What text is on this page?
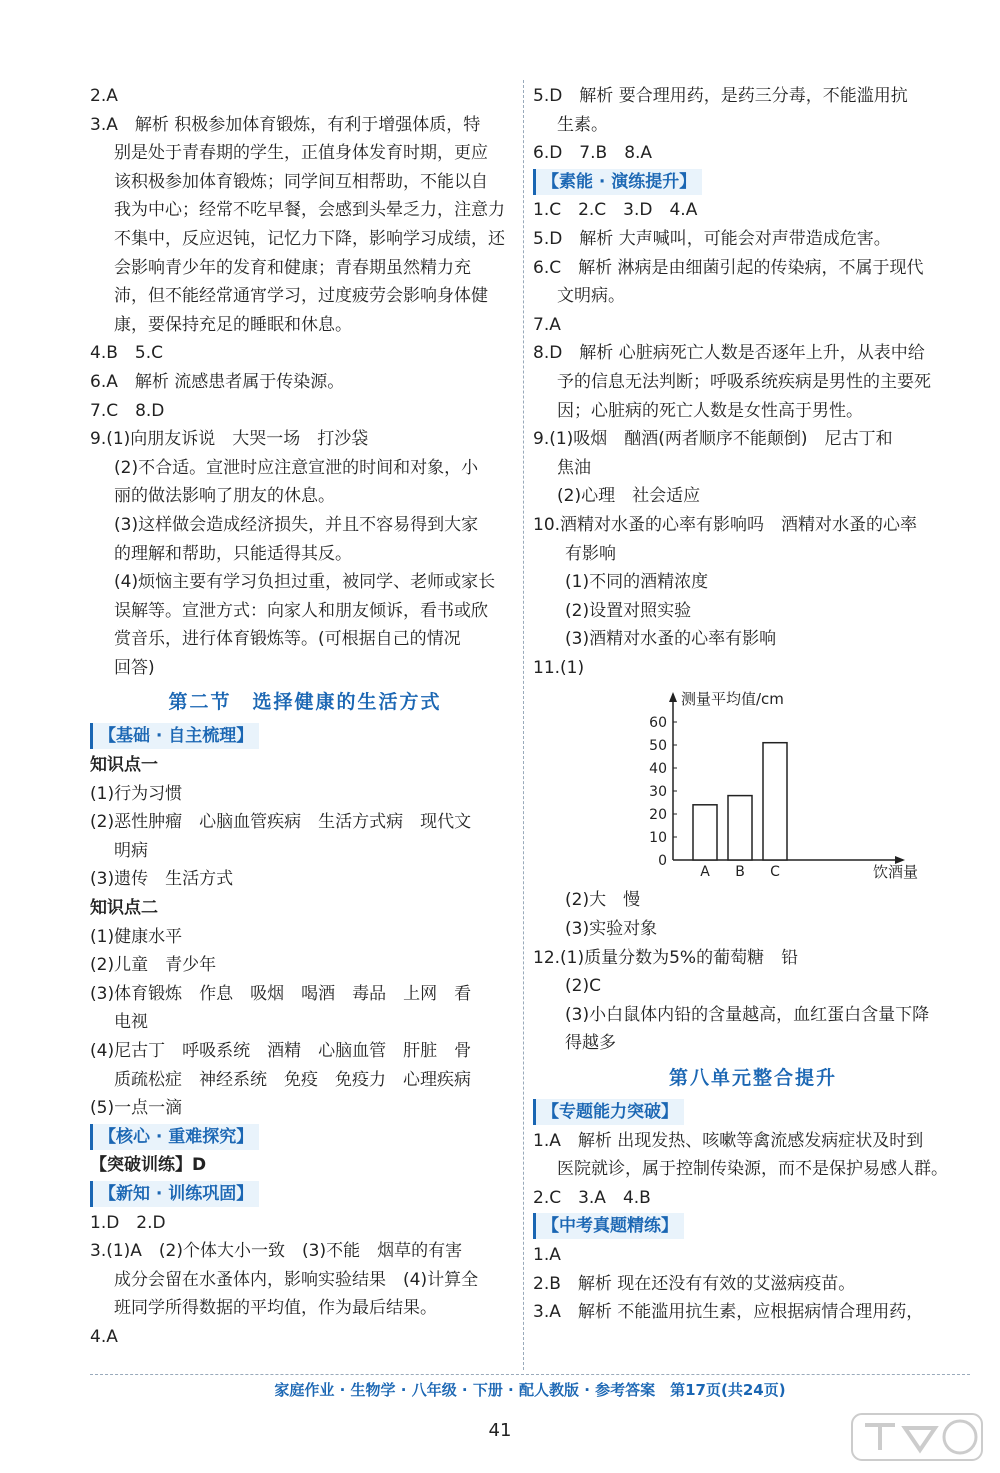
2.A
3.A　解析 积极参加体育锻炼，有利于增强体质，特
别是处于青春期的学生，正值身体发育时期，更应
该积极参加体育锻炼；同学间互相帮助，不能以自
我为中心；经常不吃早餐，会感到头晕乏力，注意力
不集中，反应迟钝，记忆力下降，影响学习成绩，还
会影响青少年的发育和健康；青春期虽然精力充
沛，但不能经常通宵学习，过度疲劳会影响身体健
康，要保持充足的睡眠和休息。
4.B　5.C
6.A　解析 流感患者属于传染源。
7.C　8.D
9.(1)向朋友诉说　大哭一场　打沙袋
(2)不合适。宣泄时应注意宣泄的时间和对象，小
丽的做法影响了朋友的休息。
(3)这样做会造成经济损失，并且不容易得到大家
的理解和帮助，只能适得其反。
(4)烦恼主要有学习负担过重，被同学、老师或家长
误解等。宣泄方式：向家人和朋友倾诉，看书或欣
赏音乐，进行体育锻炼等。(可根据自己的情况
回答)
第二节　选择健康的生活方式
【基础 · 自主梳理】
知识点一
(1)行为习惯
(2)恶性肿瘤　心脑血管疾病　生活方式病　现代文
明病
(3)遗传　生活方式
知识点二
(1)健康水平
(2)儿童　青少年
(3)体育锻炼　作息　吸烟　喝酒　毒品　上网　看
电视
(4)尼古丁　呼吸系统　酒精　心脑血管　肝脏　骨
质疏松症　神经系统　免疫　免疫力　心理疾病
(5)一点一滴
【核心 · 重难探究】
【突破训练】D
【新知 · 训练巩固】
1.D　2.D
3.(1)A　(2)个体大小一致　(3)不能　烟草的有害
成分会留在水蚤体内，影响实验结果　(4)计算全
班同学所得数据的平均值，作为最后结果。
4.A
5.D　解析 要合理用药，是药三分毒，不能滥用抗
生素。
6.D　7.B　8.A
【素能 · 演练提升】
1.C　2.C　3.D　4.A
5.D　解析 大声喊叫，可能会对声带造成危害。
6.C　解析 淋病是由细菌引起的传染病，不属于现代
文明病。
7.A
8.D　解析 心脏病死亡人数是否逐年上升，从表中给
予的信息无法判断；呼吸系统疾病是男性的主要死
因；心脏病的死亡人数是女性高于男性。
9.(1)吸烟　酗酒(两者顺序不能颠倒)　尼古丁和
焦油
(2)心理　社会适应
10.酒精对水蚤的心率有影响吗　酒精对水蚤的心率
有影响
(1)不同的酒精浓度
(2)设置对照实验
(3)酒精对水蚤的心率有影响
11.(1)
测量平均值/cm
饮酒量
0
10
20
30
40
50
60
A B C
(2)大　慢
(3)实验对象
12.(1)质量分数为5%的葡萄糖　铅
(2)C
(3)小白鼠体内铅的含量越高，血红蛋白含量下降
得越多
第八单元整合提升
【专题能力突破】
1.A　解析 出现发热、咳嗽等禽流感发病症状及时到
医院就诊，属于控制传染源，而不是保护易感人群。
2.C　3.A　4.B
【中考真题精练】
1.A
2.B　解析 现在还没有有效的艾滋病疫苗。
3.A　解析 不能滥用抗生素，应根据病情合理用药，
家庭作业 · 生物学 · 八年级 · 下册 · 配人教版 · 参考答案　第17页(共24页)
41
